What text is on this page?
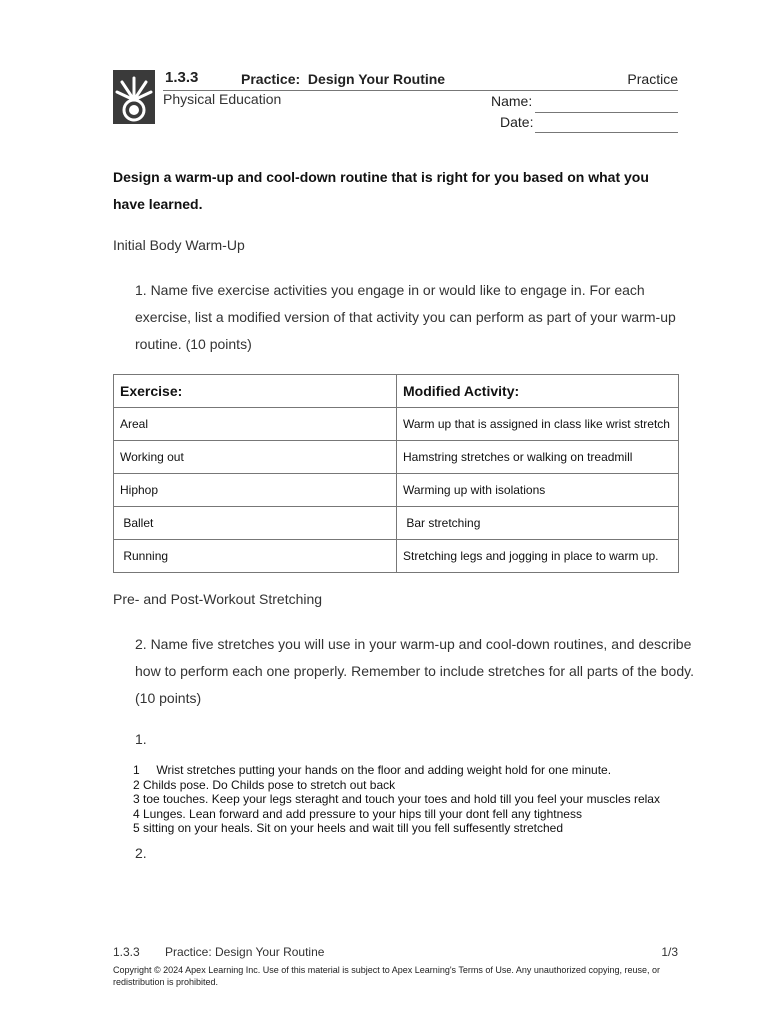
1.3.3	Practice:  Design Your Routine	Practice
Physical Education	Name:
Date:
Design a warm-up and cool-down routine that is right for you based on what you have learned.
Initial Body Warm-Up
1. Name five exercise activities you engage in or would like to engage in. For each exercise, list a modified version of that activity you can perform as part of your warm-up routine. (10 points)
Exercise:	Modified Activity:
Areal	Warm up that is assigned in class like wrist stretch
Working out	Hamstring stretches or walking on treadmill
Hiphop	Warming up with isolations
Ballet	Bar stretching
Running	Stretching legs and jogging in place to warm up.
Pre- and Post-Workout Stretching
2. Name five stretches you will use in your warm-up and cool-down routines, and describe how to perform each one properly. Remember to include stretches for all parts of the body. (10 points)
1.
1     Wrist stretches putting your hands on the floor and adding weight hold for one minute.
2 Childs pose. Do Childs pose to stretch out back
3 toe touches. Keep your legs steraght and touch your toes and hold till you feel your muscles relax
4 Lunges. Lean forward and add pressure to your hips till your dont fell any tightness
5 sitting on your heals. Sit on your heels and wait till you fell suffesently stretched
2.
1.3.3 Practice: Design Your Routine	1/3
Copyright © 2024 Apex Learning Inc. Use of this material is subject to Apex Learning's Terms of Use. Any unauthorized copying, reuse, or redistribution is prohibited.
